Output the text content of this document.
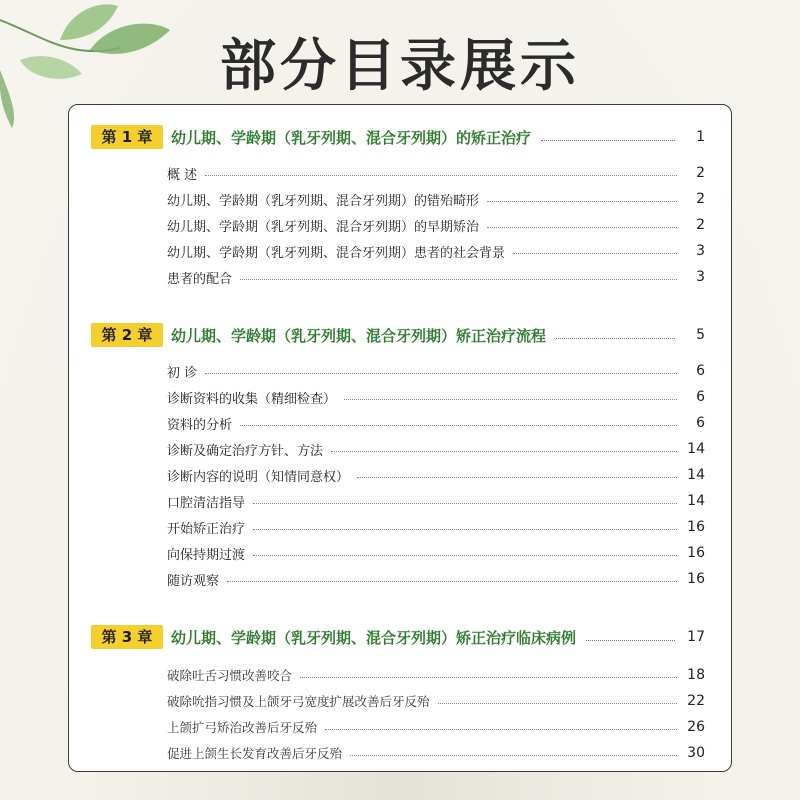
部分目录展示
第 1 章	幼儿期、学龄期（乳牙列期、混合牙列期）的矫正治疗	1
概 述	2
幼儿期、学龄期（乳牙列期、混合牙列期）的错殆畸形	2
幼儿期、学龄期（乳牙列期、混合牙列期）的早期矫治	2
幼儿期、学龄期（乳牙列期、混合牙列期）患者的社会背景	3
患者的配合	3
第 2 章	幼儿期、学龄期（乳牙列期、混合牙列期）矫正治疗流程	5
初 诊	6
诊断资料的收集（精细检查）	6
资料的分析	6
诊断及确定治疗方针、方法	14
诊断内容的说明（知情同意权）	14
口腔清洁指导	14
开始矫正治疗	16
向保持期过渡	16
随访观察	16
第 3 章	幼儿期、学龄期（乳牙列期、混合牙列期）矫正治疗临床病例	17
破除吐舌习惯改善咬合	18
破除吮指习惯及上颌牙弓宽度扩展改善后牙反殆	22
上颌扩弓矫治改善后牙反殆	26
促进上颌生长发育改善后牙反殆	30
